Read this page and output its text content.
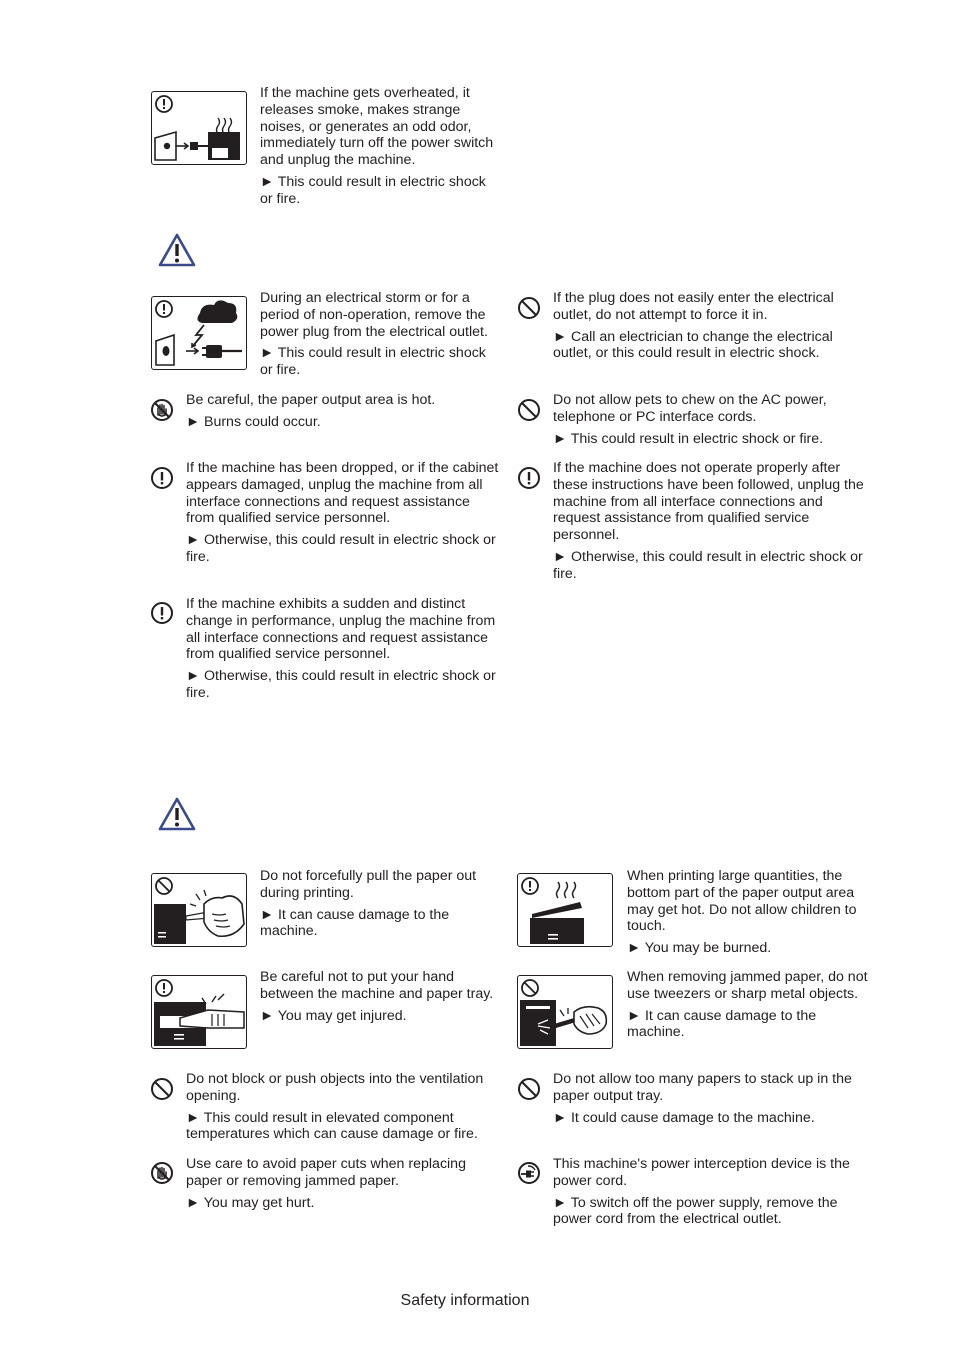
If the machine gets overheated, it releases smoke, makes strange noises, or generates an odd odor, immediately turn off the power switch and unplug the machine.

► This could result in electric shock or fire.

During an electrical storm or for a period of non-operation, remove the power plug from the electrical outlet.

► This could result in electric shock or fire.

If the plug does not easily enter the electrical outlet, do not attempt to force it in.

► Call an electrician to change the electrical outlet, or this could result in electric shock.

Be careful, the paper output area is hot.

► Burns could occur.

Do not allow pets to chew on the AC power, telephone or PC interface cords.

► This could result in electric shock or fire.

If the machine has been dropped, or if the cabinet appears damaged, unplug the machine from all interface connections and request assistance from qualified service personnel.

► Otherwise, this could result in electric shock or fire.

If the machine does not operate properly after these instructions have been followed, unplug the machine from all interface connections and request assistance from qualified service personnel.

► Otherwise, this could result in electric shock or fire.

If the machine exhibits a sudden and distinct change in performance, unplug the machine from all interface connections and request assistance from qualified service personnel.

► Otherwise, this could result in electric shock or fire.

Do not forcefully pull the paper out during printing.

► It can cause damage to the machine.

When printing large quantities, the bottom part of the paper output area may get hot. Do not allow children to touch.

► You may be burned.

Be careful not to put your hand between the machine and paper tray.

► You may get injured.

When removing jammed paper, do not use tweezers or sharp metal objects.

► It can cause damage to the machine.

Do not block or push objects into the ventilation opening.

► This could result in elevated component temperatures which can cause damage or fire.

Do not allow too many papers to stack up in the paper output tray.

► It could cause damage to the machine.

Use care to avoid paper cuts when replacing paper or removing jammed paper.

► You may get hurt.

This machine's power interception device is the power cord.

► To switch off the power supply, remove the power cord from the electrical outlet.

Safety information
